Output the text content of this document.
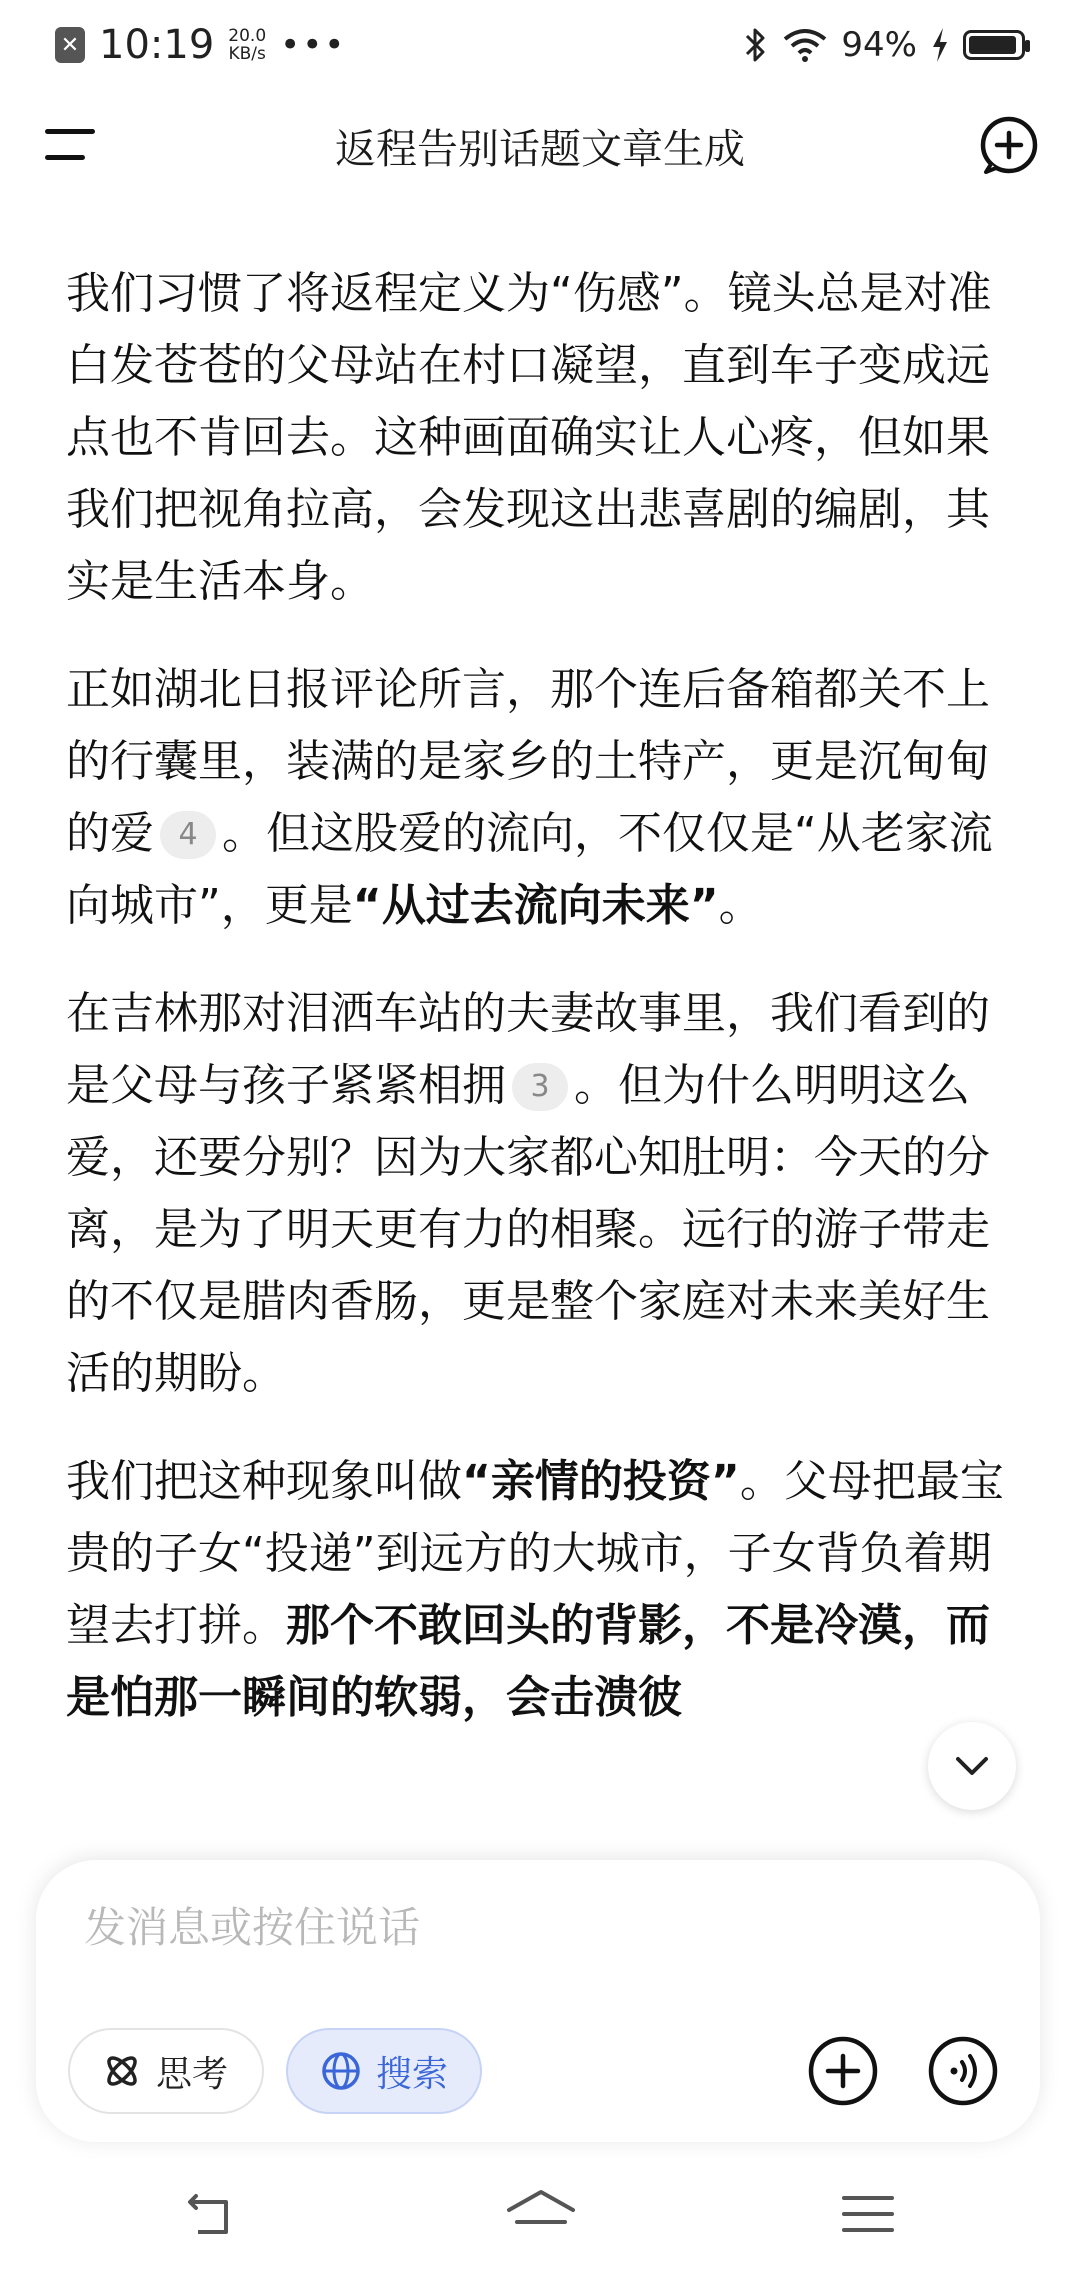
✕ 10:19 20.0
KB/s •••	94%
返程告别话题文章生成

我们习惯了将返程定义为“伤感”。镜头总是对准白发苍苍的父母站在村口凝望，直到车子变成远点也不肯回去。这种画面确实让人心疼，但如果我们把视角拉高，会发现这出悲喜剧的编剧，其实是生活本身。

正如湖北日报评论所言，那个连后备箱都关不上的行囊里，装满的是家乡的土特产，更是沉甸甸的爱 4 。但这股爱的流向，不仅仅是“从老家流向城市”，更是“从过去流向未来”。

在吉林那对泪洒车站的夫妻故事里，我们看到的是父母与孩子紧紧相拥 3 。但为什么明明这么爱，还要分别？因为大家都心知肚明：今天的分离，是为了明天更有力的相聚。远行的游子带走的不仅是腊肉香肠，更是整个家庭对未来美好生活的期盼。

我们把这种现象叫做“亲情的投资”。父母把最宝贵的子女“投递”到远方的大城市，子女背负着期望去打拼。那个不敢回头的背影，不是冷漠，而是怕那一瞬间的软弱，会击溃彼

发消息或按住说话
思考	搜索
